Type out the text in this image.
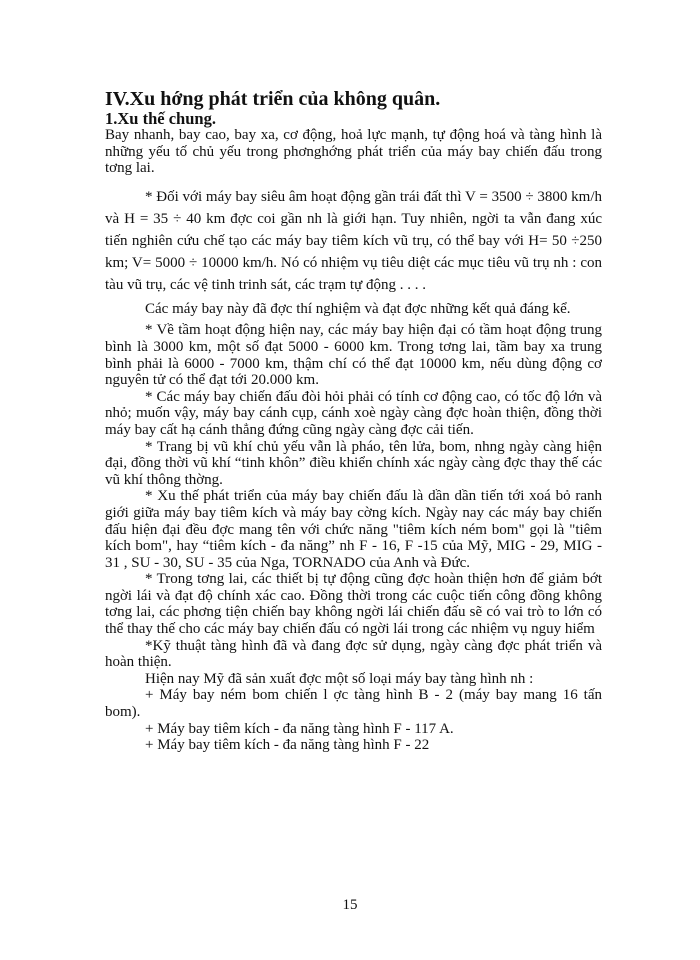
IV.Xu hớng phát triển của không quân.
1.Xu thế chung.

Bay nhanh, bay cao, bay xa, cơ động, hoả lực mạnh, tự động hoá và tàng hình là những yếu tố chủ yếu trong phơnghớng phát triển của máy bay chiến đấu trong tơng lai.

* Đối với máy bay siêu âm hoạt động gần trái đất thì V = 3500 ÷ 3800 km/h và H = 35 ÷ 40 km đợc coi gần nh là giới hạn. Tuy nhiên, ngời ta vẫn đang xúc tiến nghiên cứu chế tạo các máy bay tiêm kích vũ trụ, có thể bay với H= 50 ÷250 km; V= 5000 ÷ 10000 km/h. Nó có nhiệm vụ tiêu diệt các mục tiêu vũ trụ nh : con tàu vũ trụ, các vệ tinh trinh sát, các trạm tự động . . . .

Các máy bay này đã đợc thí nghiệm và đạt đợc những kết quả đáng kể.

* Về tầm hoạt động hiện nay, các máy bay hiện đại có tầm hoạt động trung bình là 3000 km, một số đạt 5000 - 6000 km. Trong tơng lai, tầm bay xa trung bình phải là 6000 - 7000 km, thậm chí có thể đạt 10000 km, nếu dùng động cơ nguyên tử có thể đạt tới 20.000 km.

* Các máy bay chiến đấu đòi hỏi phải có tính cơ động cao, có tốc độ lớn và nhỏ; muốn vậy, máy bay cánh cụp, cánh xoè ngày càng đợc hoàn thiện, đồng thời máy bay cất hạ cánh thẳng đứng cũng ngày càng đợc cải tiến.

* Trang bị vũ khí chủ yếu vẫn là pháo, tên lửa, bom, nhng ngày càng hiện đại, đồng thời vũ khí “tinh khôn” điều khiển chính xác ngày càng đợc thay thế các vũ khí thông thờng.

* Xu thế phát triển của máy bay chiến đấu là dần dần tiến tới xoá bỏ ranh giới giữa máy bay tiêm kích và máy bay cờng kích. Ngày nay các máy bay chiến đấu hiện đại đều đợc mang tên với chức năng "tiêm kích ném bom" gọi là "tiêm kích bom", hay “tiêm kích - đa năng” nh F - 16, F -15 của Mỹ, MIG - 29, MIG - 31 , SU - 30, SU - 35 của Nga, TORNADO của Anh và Đức.

* Trong tơng lai, các thiết bị tự động cũng đợc hoàn thiện hơn để giảm bớt ngời lái và đạt độ chính xác cao. Đồng thời trong các cuộc tiến công đồng không tơng lai, các phơng tiện chiến bay không ngời lái chiến đấu sẽ có vai trò to lớn có thể thay thế cho các máy bay chiến đấu có ngời lái trong các nhiệm vụ nguy hiểm

*Kỹ thuật tàng hình đã và đang đợc sử dụng, ngày càng đợc phát triển và hoàn thiện.

Hiện nay Mỹ đã sản xuất đợc một số loại máy bay tàng hình nh :

+ Máy bay ném bom chiến l ợc tàng hình B - 2 (máy bay mang 16 tấn bom).

+ Máy bay tiêm kích - đa năng tàng hình F - 117 A.

+ Máy bay tiêm kích - đa năng tàng hình F - 22

15
